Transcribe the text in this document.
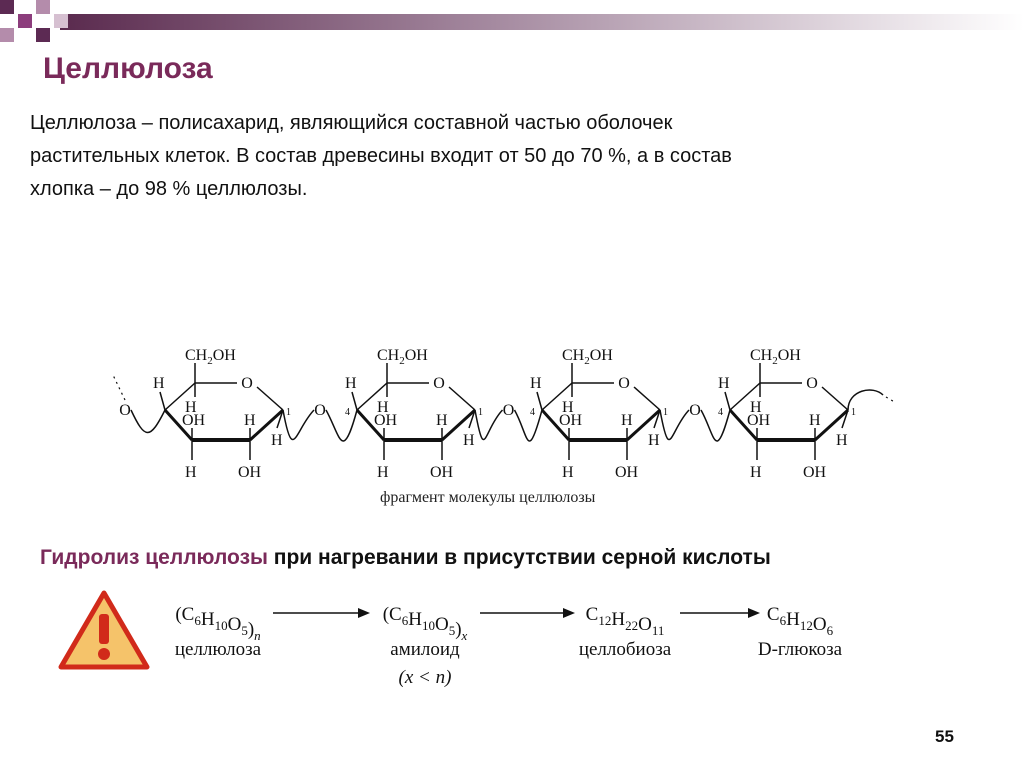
Целлюлоза
Целлюлоза – полисахарид, являющийся составной частью оболочек
растительных клеток. В состав древесины входит от 50 до 70 %, а в состав
хлопка – до 98 % целлюлозы.
$CH_2OH$
O
H
H
OH
H
H
OH
H
1 O
$CH_2OH$
O
H
H
OH
H
H
OH
H
1
4	O
$CH_2OH$
O
H
H
OH
H
H
OH
H
1
4	O
$CH_2OH$
O
H
H
OH
H
H
OH
H
1
4
O
фрагмент молекулы целлюлозы
Гидролиз целлюлозы при нагревании в присутствии серной кислоты
$(C_6H_{10}O_5)_n$
целлюлоза
$(C_6H_{10}O_5)_x$
амилоид
(x < n)
$C_{12}H_{22}O_{11}$
целлобиоза
$C_6H_{12}O_6$
D-глюкоза
55
